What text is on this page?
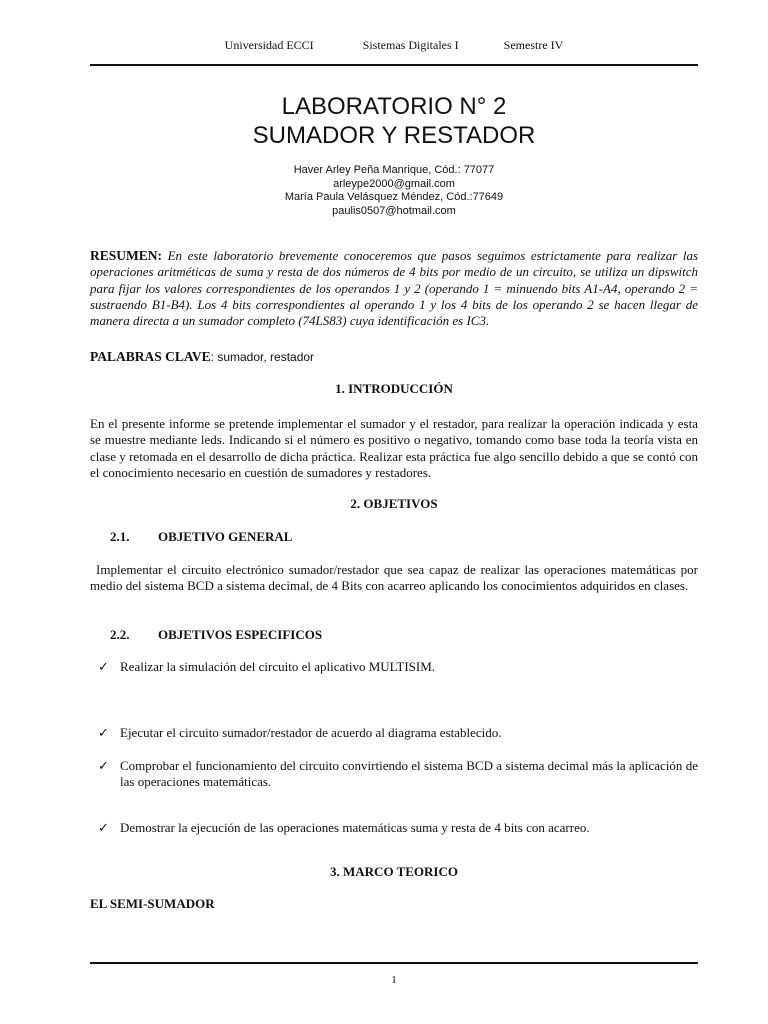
Universidad ECCI	Sistemas Digitales I	Semestre IV
LABORATORIO N° 2
SUMADOR Y RESTADOR
Haver Arley Peña Manrique, Cód.: 77077
arleype2000@gmail.com
María Paula Velásquez Méndez, Cód.:77649
paulis0507@hotmail.com
RESUMEN: En este laboratorio brevemente conoceremos que pasos seguimos estrictamente para realizar las operaciones aritméticas de suma y resta de dos números de 4 bits por medio de un circuito, se utiliza un dipswitch para fijar los valores correspondientes de los operandos 1 y 2 (operando 1 = minuendo bits A1-A4, operando 2 = sustraendo B1-B4). Los 4 bits correspondientes al operando 1 y los 4 bits de los operando 2 se hacen llegar de manera directa a un sumador completo (74LS83) cuya identificación es IC3.
PALABRAS CLAVE: sumador, restador
1. INTRODUCCIÓN
En el presente informe se pretende implementar el sumador y el restador, para realizar la operación indicada y esta se muestre mediante leds. Indicando si el número es positivo o negativo, tomando como base toda la teoría vista en clase y retomada en el desarrollo de dicha práctica. Realizar esta práctica fue algo sencillo debido a que se contó con el conocimiento necesario en cuestión de sumadores y restadores.
2. OBJETIVOS
2.1. OBJETIVO GENERAL
Implementar el circuito electrónico sumador/restador que sea capaz de realizar las operaciones matemáticas por medio del sistema BCD a sistema decimal, de 4 Bits con acarreo aplicando los conocimientos adquiridos en clases.
2.2. OBJETIVOS ESPECIFICOS
✓ Realizar la simulación del circuito el aplicativo MULTISIM.
✓ Ejecutar el circuito sumador/restador de acuerdo al diagrama establecido.
✓ Comprobar el funcionamiento del circuito convirtiendo el sistema BCD a sistema decimal más la aplicación de las operaciones matemáticas.
✓ Demostrar la ejecución de las operaciones matemáticas suma y resta de 4 bits con acarreo.
3. MARCO TEORICO
EL SEMI-SUMADOR
1
